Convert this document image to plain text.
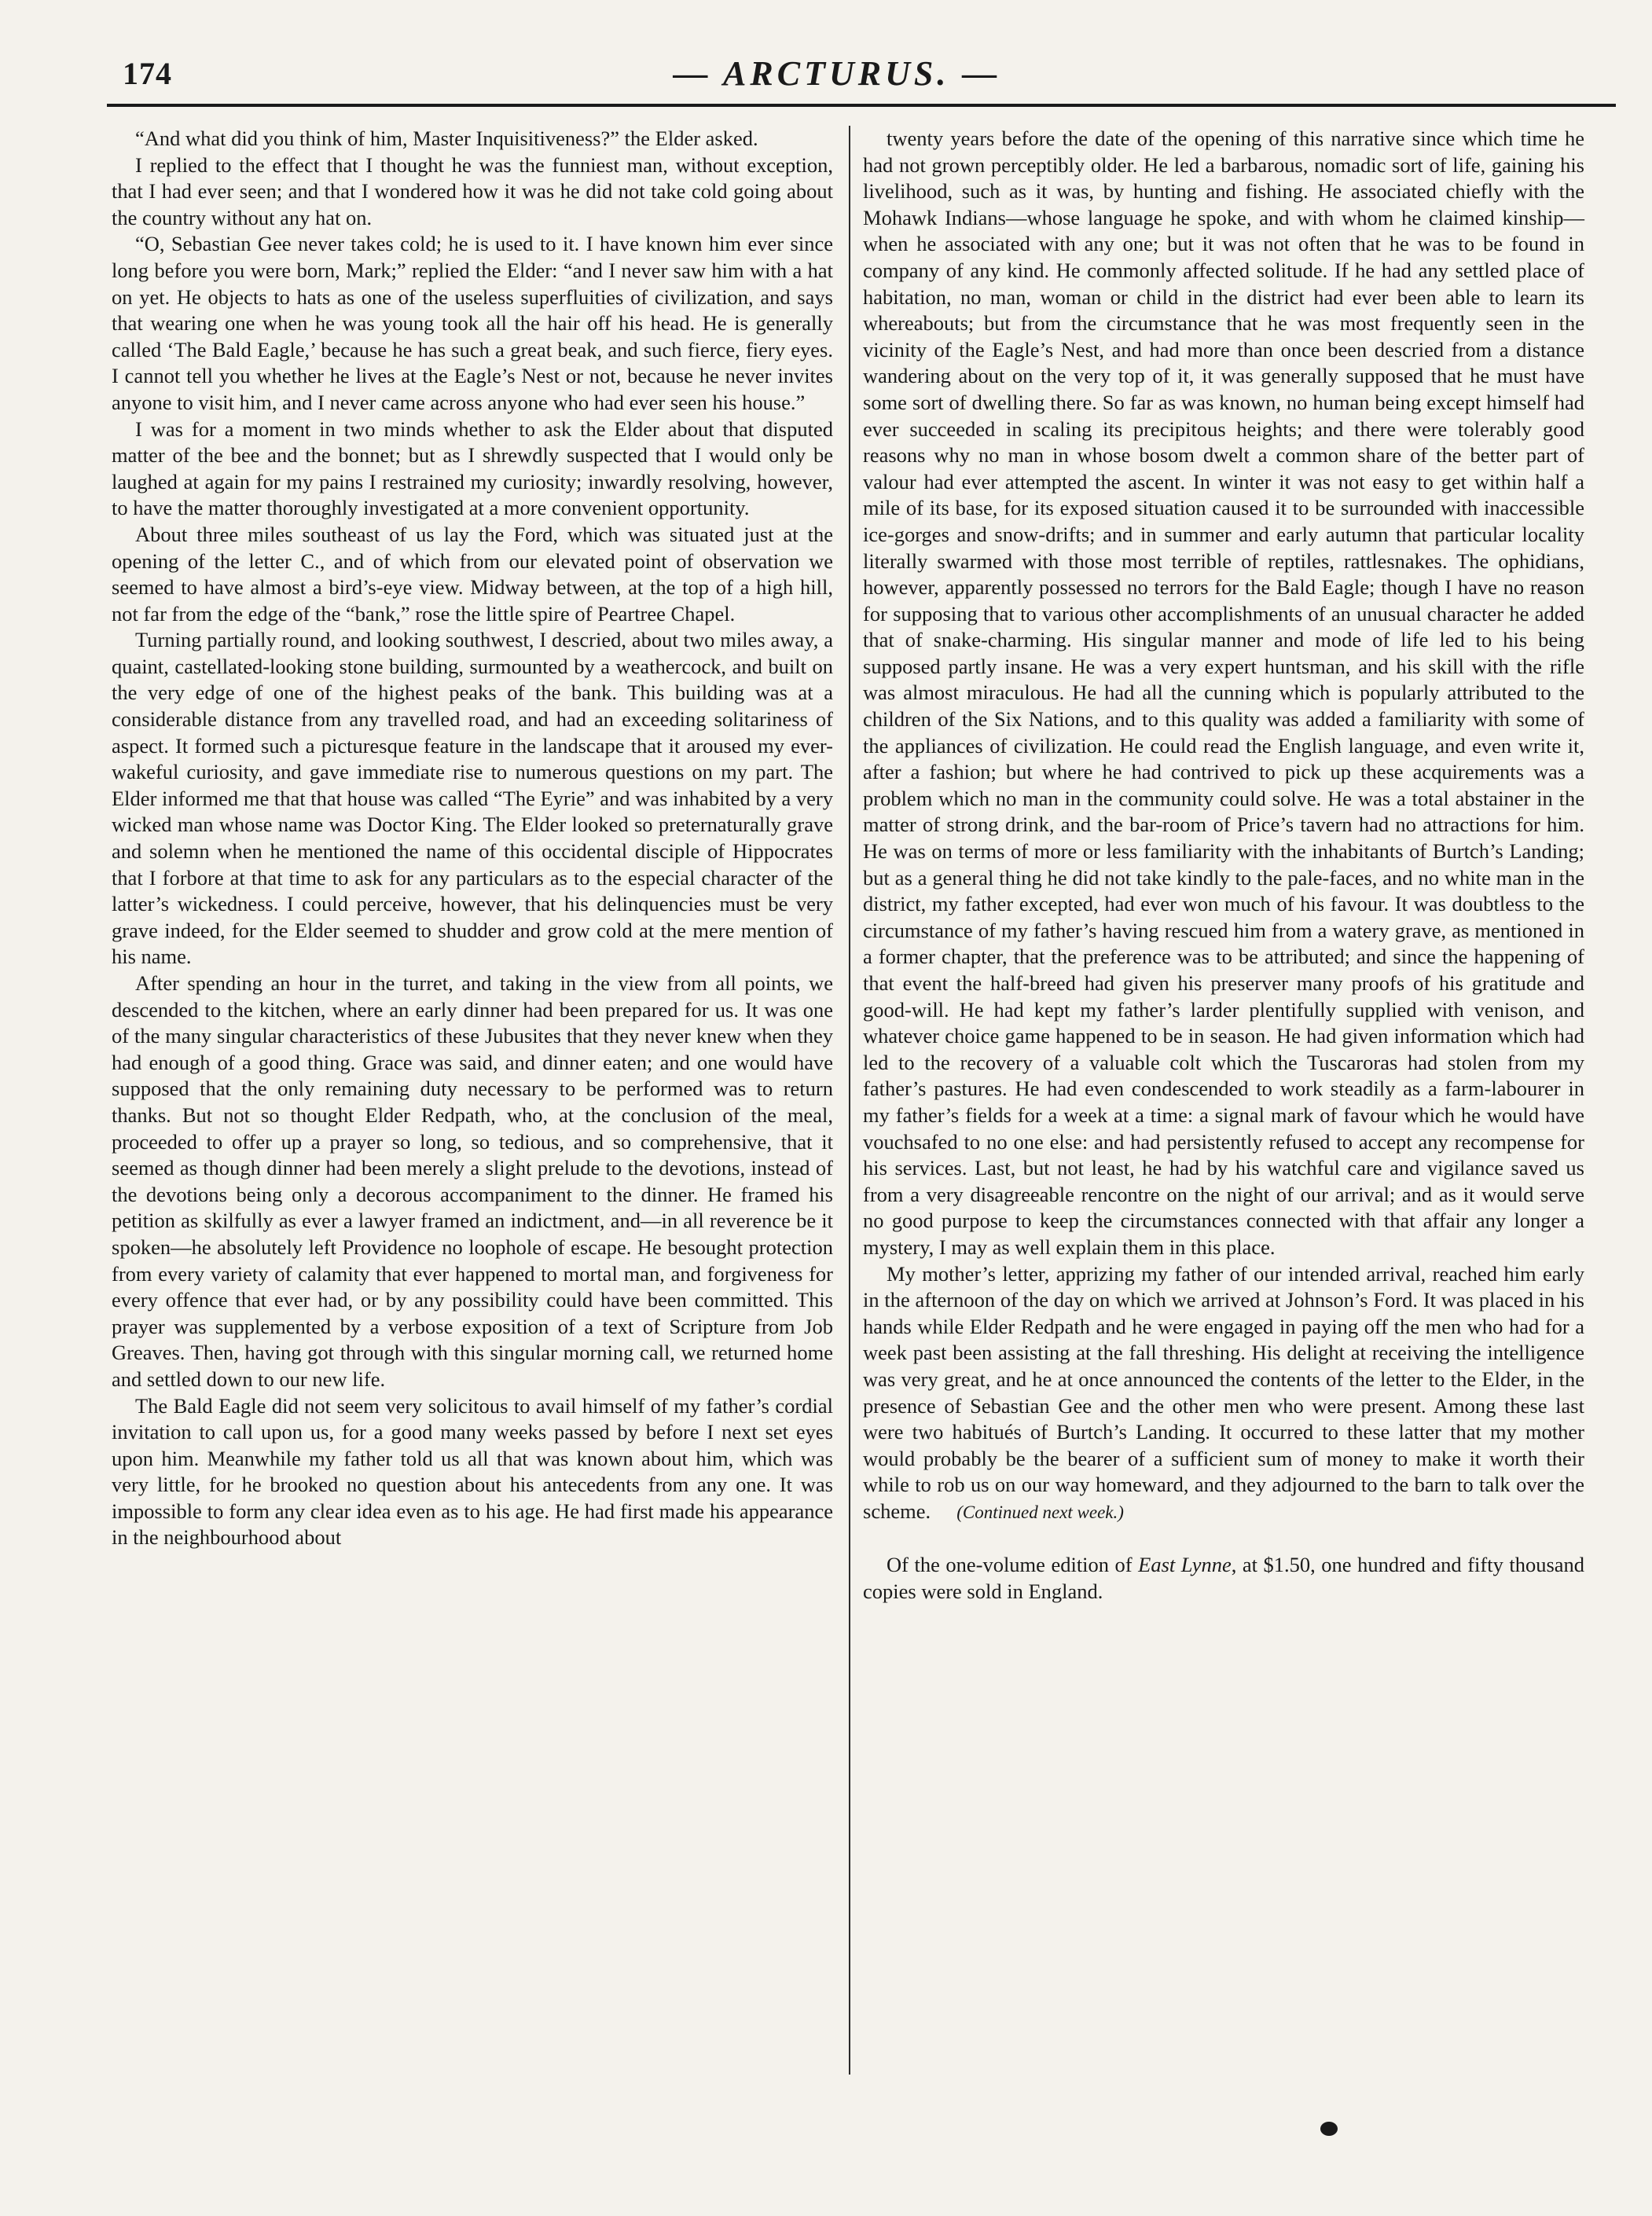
174	— ARCTURUS. —

“And what did you think of him, Master Inquisitiveness?” the Elder asked.

I replied to the effect that I thought he was the funniest man, without exception, that I had ever seen; and that I wondered how it was he did not take cold going about the country without any hat on.

“O, Sebastian Gee never takes cold; he is used to it. I have known him ever since long before you were born, Mark;” replied the Elder: “and I never saw him with a hat on yet. He objects to hats as one of the useless superfluities of civilization, and says that wearing one when he was young took all the hair off his head. He is generally called ‘The Bald Eagle,’ because he has such a great beak, and such fierce, fiery eyes. I cannot tell you whether he lives at the Eagle’s Nest or not, because he never invites anyone to visit him, and I never came across anyone who had ever seen his house.”

I was for a moment in two minds whether to ask the Elder about that disputed matter of the bee and the bonnet; but as I shrewdly suspected that I would only be laughed at again for my pains I restrained my curiosity; inwardly resolving, however, to have the matter thoroughly investigated at a more convenient opportunity.

About three miles southeast of us lay the Ford, which was situated just at the opening of the letter C., and of which from our elevated point of observation we seemed to have almost a bird’s-eye view. Midway between, at the top of a high hill, not far from the edge of the “bank,” rose the little spire of Peartree Chapel.

Turning partially round, and looking southwest, I descried, about two miles away, a quaint, castellated-looking stone building, surmounted by a weathercock, and built on the very edge of one of the highest peaks of the bank. This building was at a considerable distance from any travelled road, and had an exceeding solitariness of aspect. It formed such a picturesque feature in the landscape that it aroused my ever-wakeful curiosity, and gave immediate rise to numerous questions on my part. The Elder informed me that that house was called “The Eyrie” and was inhabited by a very wicked man whose name was Doctor King. The Elder looked so preternaturally grave and solemn when he mentioned the name of this occidental disciple of Hippocrates that I forbore at that time to ask for any particulars as to the especial character of the latter’s wickedness. I could perceive, however, that his delinquencies must be very grave indeed, for the Elder seemed to shudder and grow cold at the mere mention of his name.

After spending an hour in the turret, and taking in the view from all points, we descended to the kitchen, where an early dinner had been prepared for us. It was one of the many singular characteristics of these Jubusites that they never knew when they had enough of a good thing. Grace was said, and dinner eaten; and one would have supposed that the only remaining duty necessary to be performed was to return thanks. But not so thought Elder Redpath, who, at the conclusion of the meal, proceeded to offer up a prayer so long, so tedious, and so comprehensive, that it seemed as though dinner had been merely a slight prelude to the devotions, instead of the devotions being only a decorous accompaniment to the dinner. He framed his petition as skilfully as ever a lawyer framed an indictment, and—in all reverence be it spoken—he absolutely left Providence no loophole of escape. He besought protection from every variety of calamity that ever happened to mortal man, and forgiveness for every offence that ever had, or by any possibility could have been committed. This prayer was supplemented by a verbose exposition of a text of Scripture from Job Greaves. Then, having got through with this singular morning call, we returned home and settled down to our new life.

The Bald Eagle did not seem very solicitous to avail himself of my father’s cordial invitation to call upon us, for a good many weeks passed by before I next set eyes upon him. Meanwhile my father told us all that was known about him, which was very little, for he brooked no question about his antecedents from any one. It was impossible to form any clear idea even as to his age. He had first made his appearance in the neighbourhood about

twenty years before the date of the opening of this narrative since which time he had not grown perceptibly older. He led a barbarous, nomadic sort of life, gaining his livelihood, such as it was, by hunting and fishing. He associated chiefly with the Mohawk Indians—whose language he spoke, and with whom he claimed kinship—when he associated with any one; but it was not often that he was to be found in company of any kind. He commonly affected solitude. If he had any settled place of habitation, no man, woman or child in the district had ever been able to learn its whereabouts; but from the circumstance that he was most frequently seen in the vicinity of the Eagle’s Nest, and had more than once been descried from a distance wandering about on the very top of it, it was generally supposed that he must have some sort of dwelling there. So far as was known, no human being except himself had ever succeeded in scaling its precipitous heights; and there were tolerably good reasons why no man in whose bosom dwelt a common share of the better part of valour had ever attempted the ascent. In winter it was not easy to get within half a mile of its base, for its exposed situation caused it to be surrounded with inaccessible ice-gorges and snow-drifts; and in summer and early autumn that particular locality literally swarmed with those most terrible of reptiles, rattlesnakes. The ophidians, however, apparently possessed no terrors for the Bald Eagle; though I have no reason for supposing that to various other accomplishments of an unusual character he added that of snake-charming. His singular manner and mode of life led to his being supposed partly insane. He was a very expert huntsman, and his skill with the rifle was almost miraculous. He had all the cunning which is popularly attributed to the children of the Six Nations, and to this quality was added a familiarity with some of the appliances of civilization. He could read the English language, and even write it, after a fashion; but where he had contrived to pick up these acquirements was a problem which no man in the community could solve. He was a total abstainer in the matter of strong drink, and the bar-room of Price’s tavern had no attractions for him. He was on terms of more or less familiarity with the inhabitants of Burtch’s Landing; but as a general thing he did not take kindly to the pale-faces, and no white man in the district, my father excepted, had ever won much of his favour. It was doubtless to the circumstance of my father’s having rescued him from a watery grave, as mentioned in a former chapter, that the preference was to be attributed; and since the happening of that event the half-breed had given his preserver many proofs of his gratitude and good-will. He had kept my father’s larder plentifully supplied with venison, and whatever choice game happened to be in season. He had given information which had led to the recovery of a valuable colt which the Tuscaroras had stolen from my father’s pastures. He had even condescended to work steadily as a farm-labourer in my father’s fields for a week at a time: a signal mark of favour which he would have vouchsafed to no one else: and had persistently refused to accept any recompense for his services. Last, but not least, he had by his watchful care and vigilance saved us from a very disagreeable rencontre on the night of our arrival; and as it would serve no good purpose to keep the circumstances connected with that affair any longer a mystery, I may as well explain them in this place.

My mother’s letter, apprizing my father of our intended arrival, reached him early in the afternoon of the day on which we arrived at Johnson’s Ford. It was placed in his hands while Elder Redpath and he were engaged in paying off the men who had for a week past been assisting at the fall threshing. His delight at receiving the intelligence was very great, and he at once announced the contents of the letter to the Elder, in the presence of Sebastian Gee and the other men who were present. Among these last were two habitués of Burtch’s Landing. It occurred to these latter that my mother would probably be the bearer of a sufficient sum of money to make it worth their while to rob us on our way homeward, and they adjourned to the barn to talk over the scheme. (Continued next week.)

Of the one-volume edition of East Lynne, at $1.50, one hundred and fifty thousand copies were sold in England.
